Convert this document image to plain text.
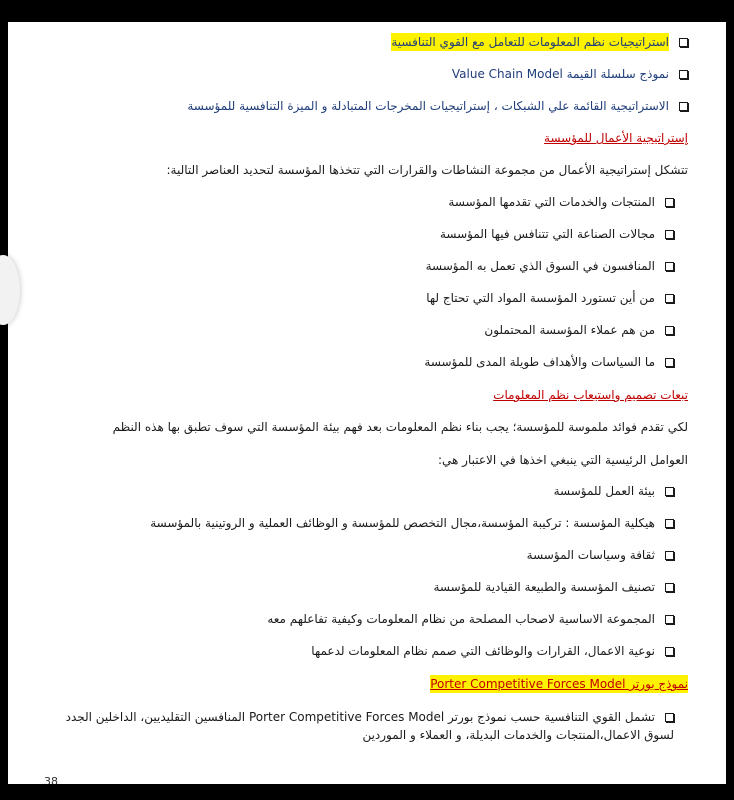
استراتيجيات نظم المعلومات للتعامل مع القوي التنافسية
نموذج سلسلة القيمة Value Chain Model
الاستراتيجية القائمة علي الشبكات ، إستراتيجيات المخرجات المتبادلة و الميزة التنافسية للمؤسسة
إستراتيجية الأعمال للمؤسسة
تتشكل إستراتيجية الأعمال من مجموعة النشاطات والقرارات التي تتخذها المؤسسة لتحديد العناصر التالية:
المنتجات والخدمات التي تقدمها المؤسسة
مجالات الصناعة التي تتنافس فيها المؤسسة
المنافسون في السوق الذي تعمل به المؤسسة
من أين تستورد المؤسسة المواد التي تحتاج لها
من هم عملاء المؤسسة المحتملون
ما السياسات والأهداف طويلة المدى للمؤسسة
تبعات تصميم واستيعاب نظم المعلومات
لكي تقدم فوائد ملموسة للمؤسسة؛ يجب بناء نظم المعلومات بعد فهم بيئة المؤسسة التي سوف تطبق بها هذه النظم
العوامل الرئيسية التي ينبغي اخذها في الاعتبار هي:
بيئة العمل للمؤسسة
هيكلية المؤسسة : تركيبة المؤسسة،مجال التخصص للمؤسسة و الوظائف العملية و الروتينية بالمؤسسة
ثقافة وسياسات المؤسسة
تصنيف المؤسسة والطبيعة القيادية للمؤسسة
المجموعة الاساسية لاصحاب المصلحة من نظام المعلومات وكيفية تفاعلهم معه
نوعية الاعمال، القرارات والوظائف التي صمم نظام المعلومات لدعمها
نموذج بورتر Porter Competitive Forces Model
تشمل القوي التنافسية حسب نموذج بورتر Porter Competitive Forces Model المنافسين التقليديين، الداخلين الجدد لسوق الاعمال،المنتجات والخدمات البديلة، و العملاء و الموردين
38
